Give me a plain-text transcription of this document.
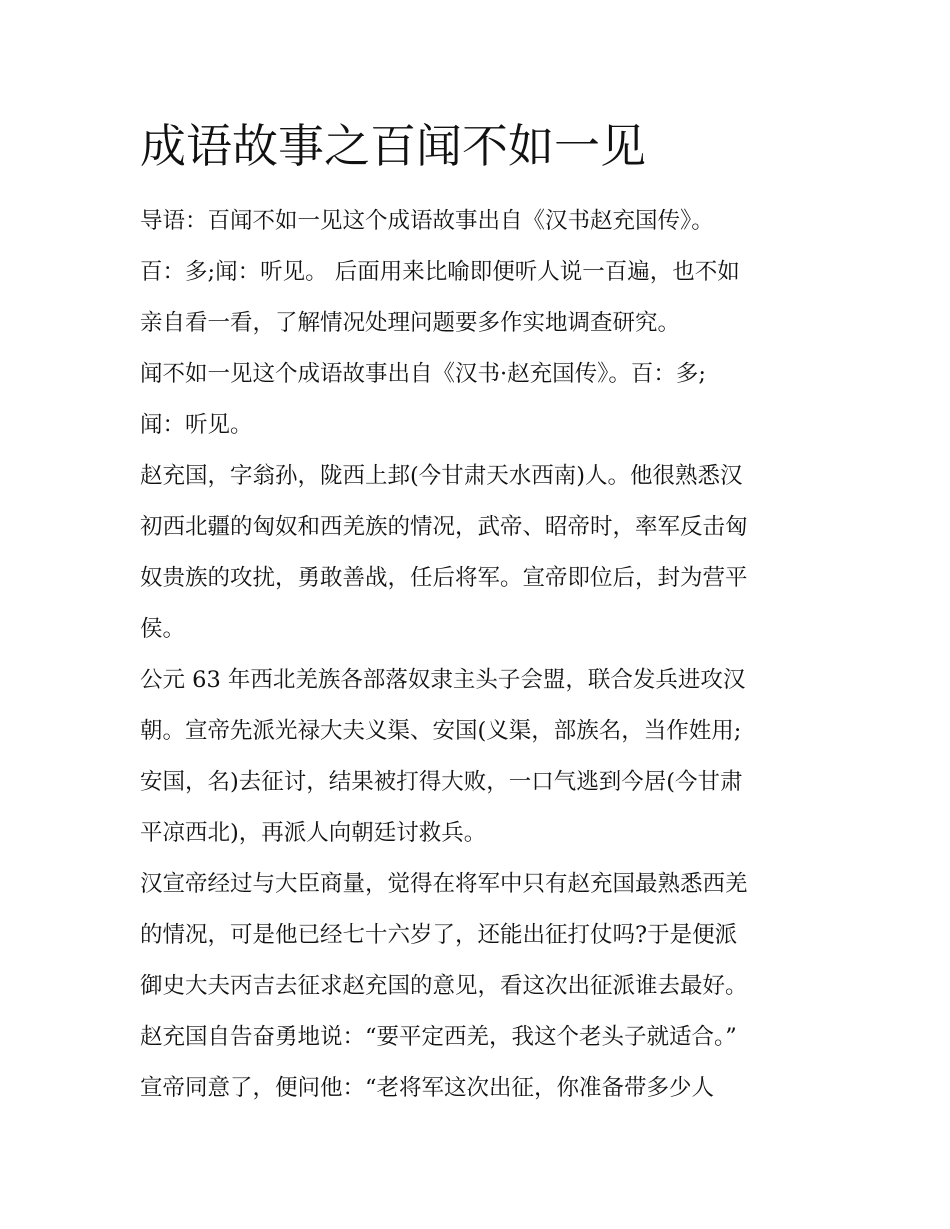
成语故事之百闻不如一见
导语：百闻不如一见这个成语故事出自《汉书赵充国传》。
百：多;闻：听见。 后面用来比喻即便听人说一百遍，也不如
亲自看一看，了解情况处理问题要多作实地调查研究。
闻不如一见这个成语故事出自《汉书·赵充国传》。百：多;
闻：听见。
赵充国，字翁孙，陇西上邽(今甘肃天水西南)人。他很熟悉汉
初西北疆的匈奴和西羌族的情况，武帝、昭帝时，率军反击匈
奴贵族的攻扰，勇敢善战，任后将军。宣帝即位后，封为营平
侯。
公元 63 年西北羌族各部落奴隶主头子会盟，联合发兵进攻汉
朝。宣帝先派光禄大夫义渠、安国(义渠，部族名，当作姓用;
安国，名)去征讨，结果被打得大败，一口气逃到今居(今甘肃
平凉西北)，再派人向朝廷讨救兵。
汉宣帝经过与大臣商量，觉得在将军中只有赵充国最熟悉西羌
的情况，可是他已经七十六岁了，还能出征打仗吗?于是便派
御史大夫丙吉去征求赵充国的意见，看这次出征派谁去最好。
赵充国自告奋勇地说：“要平定西羌，我这个老头子就适合。”
宣帝同意了，便问他：“老将军这次出征，你准备带多少人
